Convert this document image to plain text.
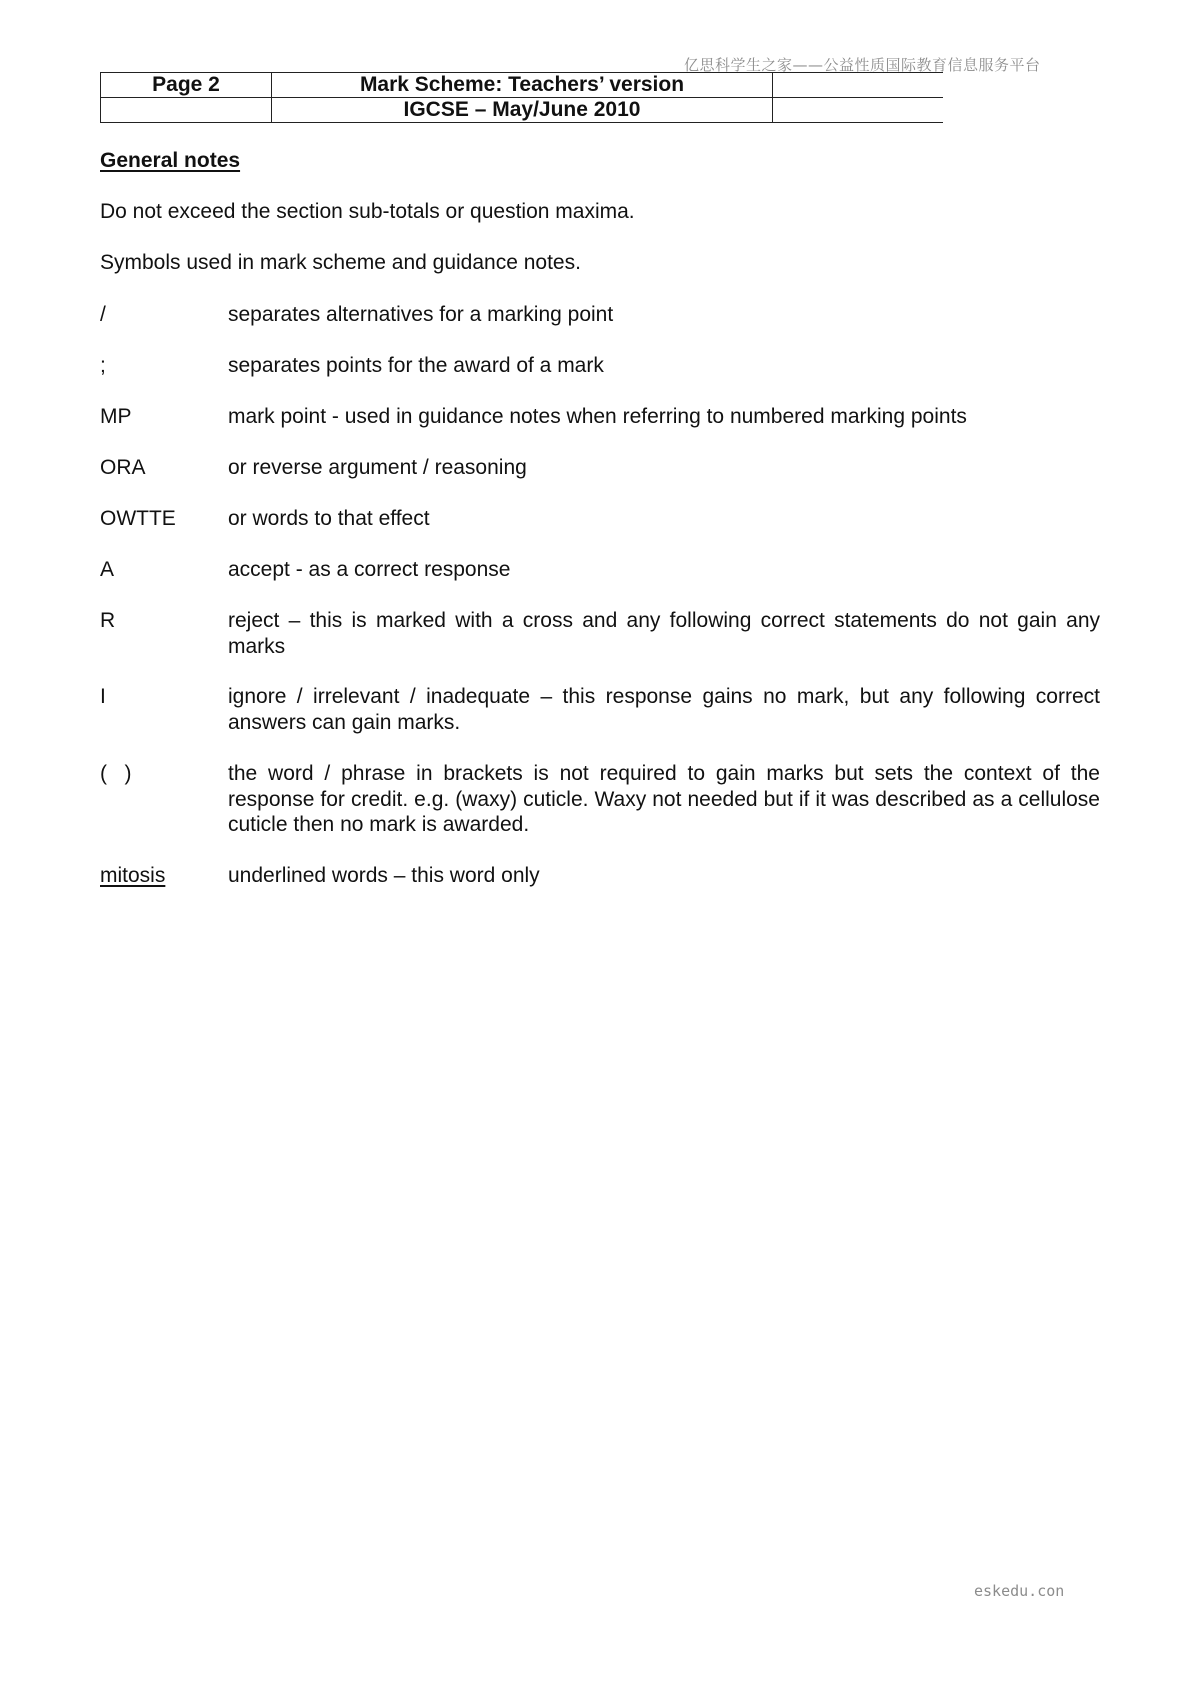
亿思科学生之家——公益性质国际教育信息服务平台
Page 2	Mark Scheme: Teachers’ version	
	IGCSE – May/June 2010	
General notes
Do not exceed the section sub-totals or question maxima.
Symbols used in mark scheme and guidance notes.
/	separates alternatives for a marking point
;	separates points for the award of a mark
MP	mark point - used in guidance notes when referring to numbered marking points
ORA	or reverse argument / reasoning
OWTTE or words to that effect
A	accept - as a correct response
R	reject – this is marked with a cross and any following correct statements do not gain any marks
I	ignore / irrelevant / inadequate – this response gains no mark, but any following correct answers can gain marks.
(   )	the word / phrase in brackets is not required to gain marks but sets the context of the response for credit. e.g. (waxy) cuticle. Waxy not needed but if it was described as a cellulose cuticle then no mark is awarded.
mitosis	underlined words – this word only
eskedu.con
